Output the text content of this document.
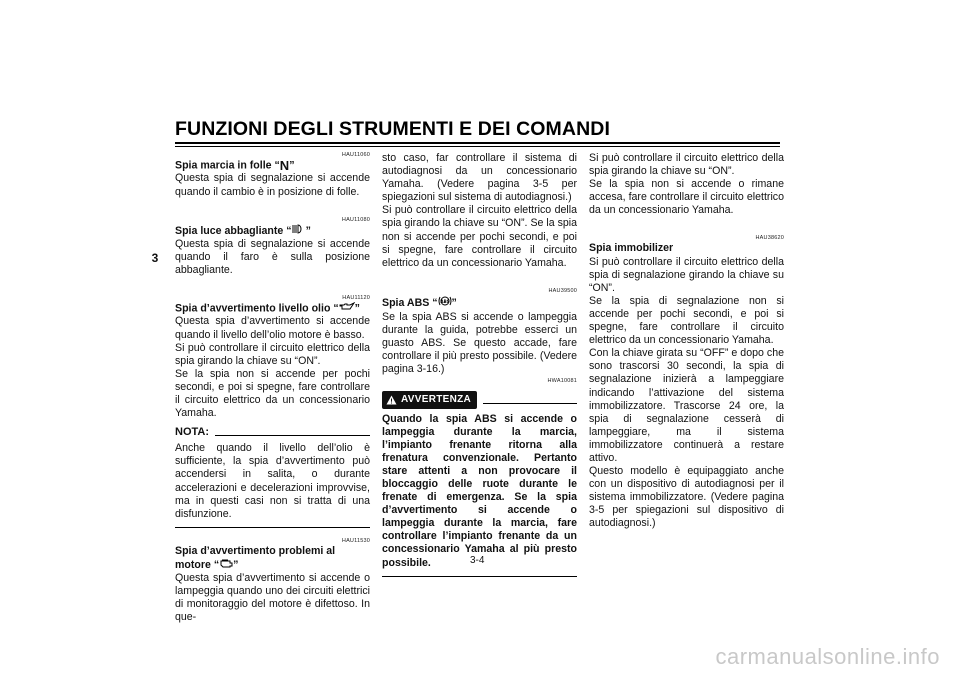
FUNZIONI DEGLI STRUMENTI E DEI COMANDI
3
HAU11060
Spia marcia in folle “N”

Questa spia di segnalazione si accende quando il cambio è in posizione di folle.

HAU11080
Spia luce abbagliante “ ”

Questa spia di segnalazione si accende quando il faro è sulla posizione abbagliante.

HAU11120
Spia d’avvertimento livello olio “ ”

Questa spia d’avvertimento si accende quando il livello dell’olio motore è basso.

Si può controllare il circuito elettrico della spia girando la chiave su “ON”.

Se la spia non si accende per pochi secondi, e poi si spegne, fare controllare il circuito elettrico da un concessionario Yamaha.

NOTA:

Anche quando il livello dell’olio è sufficiente, la spia d’avvertimento può accendersi in salita, o durante accelerazioni e decelerazioni improvvise, ma in questi casi non si tratta di una disfunzione.

HAU11530
Spia d’avvertimento problemi al motore “ ”

Questa spia d’avvertimento si accende o lampeggia quando uno dei circuiti elettrici di monitoraggio del motore è difettoso. In que-

sto caso, far controllare il sistema di autodiagnosi da un concessionario Yamaha. (Vedere pagina 3-5 per spiegazioni sul sistema di autodiagnosi.)

Si può controllare il circuito elettrico della spia girando la chiave su “ON”. Se la spia non si accende per pochi secondi, e poi si spegne, fare controllare il circuito elettrico da un concessionario Yamaha.

HAU39500
Spia ABS “ ABS ”

Se la spia ABS si accende o lampeggia durante la guida, potrebbe esserci un guasto ABS. Se questo accade, fare controllare il più presto possibile. (Vedere pagina 3-16.)

HWA10081
AVVERTENZA

Quando la spia ABS si accende o lampeggia durante la marcia, l’impianto frenante ritorna alla frenatura convenzionale. Pertanto stare attenti a non provocare il bloccaggio delle ruote durante le frenate di emergenza. Se la spia d’avvertimento si accende o lampeggia durante la marcia, fare controllare l’impianto frenante da un concessionario Yamaha al più presto possibile.

Si può controllare il circuito elettrico della spia girando la chiave su “ON”.

Se la spia non si accende o rimane accesa, fare controllare il circuito elettrico da un concessionario Yamaha.

HAU38620
Spia immobilizer

Si può controllare il circuito elettrico della spia di segnalazione girando la chiave su “ON”.

Se la spia di segnalazione non si accende per pochi secondi, e poi si spegne, fare controllare il circuito elettrico da un concessionario Yamaha.

Con la chiave girata su “OFF” e dopo che sono trascorsi 30 secondi, la spia di segnalazione inizierà a lampeggiare indicando l’attivazione del sistema immobilizzatore. Trascorse 24 ore, la spia di segnalazione cesserà di lampeggiare, ma il sistema immobilizzatore continuerà a restare attivo.

Questo modello è equipaggiato anche con un dispositivo di autodiagnosi per il sistema immobilizzatore. (Vedere pagina 3-5 per spiegazioni sul dispositivo di autodiagnosi.)

3-4
carmanualsonline.info
